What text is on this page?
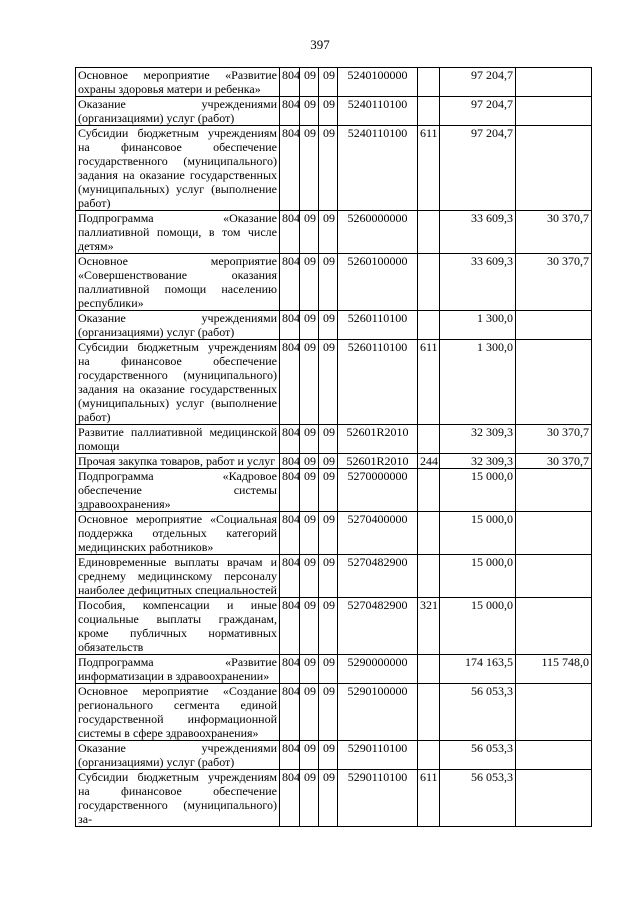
397
Основное мероприятие «Развитие охраны здоровья матери и ребенка»	804	09	09	5240100000		97 204,7	
Оказание учреждениями (организациями) услуг (работ)	804	09	09	5240110100		97 204,7	
Субсидии бюджетным учреждениям на финансовое обеспечение государственного (муниципального) задания на оказание государственных (муниципальных) услуг (выполнение работ)	804	09	09	5240110100	611	97 204,7	
Подпрограмма «Оказание паллиативной помощи, в том числе детям»	804	09	09	5260000000		33 609,3	30 370,7
Основное мероприятие «Совершенствование оказания паллиативной помощи населению республики»	804	09	09	5260100000		33 609,3	30 370,7
Оказание учреждениями (организациями) услуг (работ)	804	09	09	5260110100		1 300,0	
Субсидии бюджетным учреждениям на финансовое обеспечение государственного (муниципального) задания на оказание государственных (муниципальных) услуг (выполнение работ)	804	09	09	5260110100	611	1 300,0	
Развитие паллиативной медицинской помощи	804	09	09	52601R2010		32 309,3	30 370,7
Прочая закупка товаров, работ и услуг	804	09	09	52601R2010	244	32 309,3	30 370,7
Подпрограмма «Кадровое обеспечение системы здравоохранения»	804	09	09	5270000000		15 000,0	
Основное мероприятие «Социальная поддержка отдельных категорий медицинских работников»	804	09	09	5270400000		15 000,0	
Единовременные выплаты врачам и среднему медицинскому персоналу наиболее дефицитных специальностей	804	09	09	5270482900		15 000,0	
Пособия, компенсации и иные социальные выплаты гражданам, кроме публичных нормативных обязательств	804	09	09	5270482900	321	15 000,0	
Подпрограмма «Развитие информатизации в здравоохранении»	804	09	09	5290000000		174 163,5	115 748,0
Основное мероприятие «Создание регионального сегмента единой государственной информационной системы в сфере здравоохранения»	804	09	09	5290100000		56 053,3	
Оказание учреждениями (организациями) услуг (работ)	804	09	09	5290110100		56 053,3	
Субсидии бюджетным учреждениям на финансовое обеспечение государственного (муниципального) за-	804	09	09	5290110100	611	56 053,3	
